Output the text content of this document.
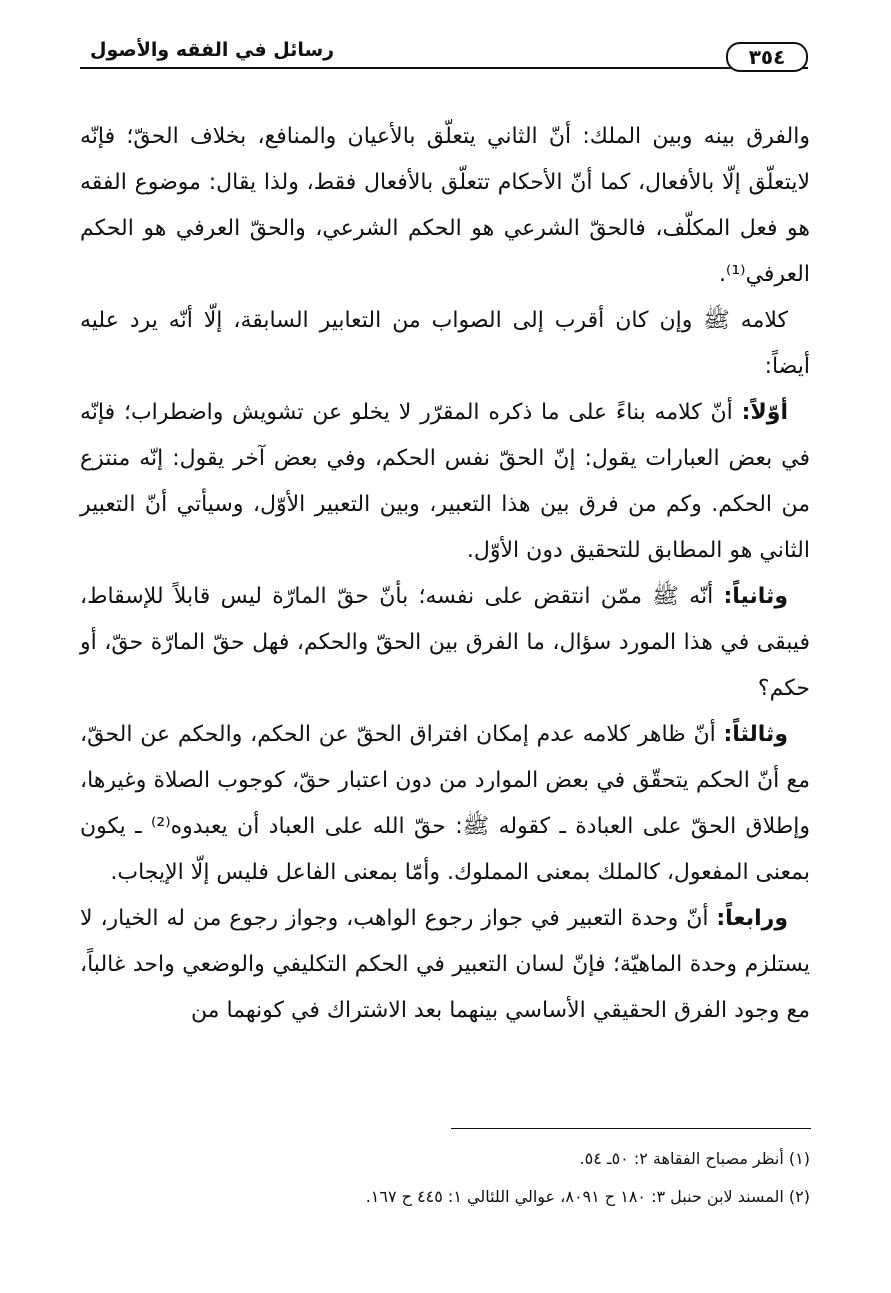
٣٥٤
رسائل في الفقه والأصول

والفرق بينه وبين الملك: أنّ الثاني يتعلّق بالأعيان والمنافع، بخلاف الحقّ؛ فإنّه لايتعلّق إلّا بالأفعال، كما أنّ الأحكام تتعلّق بالأفعال فقط، ولذا يقال: موضوع الفقه هو فعل المكلّف، فالحقّ الشرعي هو الحكم الشرعي، والحقّ العرفي هو الحكم العرفي⁽¹⁾.

كلامه ﷺ وإن كان أقرب إلى الصواب من التعابير السابقة، إلّا أنّه يرد عليه أيضاً:

أوّلاً: أنّ كلامه بناءً على ما ذكره المقرّر لا يخلو عن تشويش واضطراب؛ فإنّه في بعض العبارات يقول: إنّ الحقّ نفس الحكم، وفي بعض آخر يقول: إنّه منتزع من الحكم. وكم من فرق بين هذا التعبير، وبين التعبير الأوّل، وسيأتي أنّ التعبير الثاني هو المطابق للتحقيق دون الأوّل.

وثانياً: أنّه ﷺ ممّن انتقض على نفسه؛ بأنّ حقّ المارّة ليس قابلاً للإسقاط، فيبقى في هذا المورد سؤال، ما الفرق بين الحقّ والحكم، فهل حقّ المارّة حقّ، أو حكم؟

وثالثاً: أنّ ظاهر كلامه عدم إمكان افتراق الحقّ عن الحكم، والحكم عن الحقّ، مع أنّ الحكم يتحقّق في بعض الموارد من دون اعتبار حقّ، كوجوب الصلاة وغيرها، وإطلاق الحقّ على العبادة ـ كقوله ﷺ: حقّ الله على العباد أن يعبدوه⁽²⁾ ـ يكون بمعنى المفعول، كالملك بمعنى المملوك. وأمّا بمعنى الفاعل فليس إلّا الإيجاب.

ورابعاً: أنّ وحدة التعبير في جواز رجوع الواهب، وجواز رجوع من له الخيار، لا يستلزم وحدة الماهيّة؛ فإنّ لسان التعبير في الحكم التكليفي والوضعي واحد غالباً، مع وجود الفرق الحقيقي الأساسي بينهما بعد الاشتراك في كونهما من

(١) أنظر مصباح الفقاهة ٢: ٥٠ـ ٥٤.

(٢) المسند لابن حنبل ٣: ١٨٠ ح ٨٠٩١، عوالي اللئالي ١: ٤٤٥ ح ١٦٧.
